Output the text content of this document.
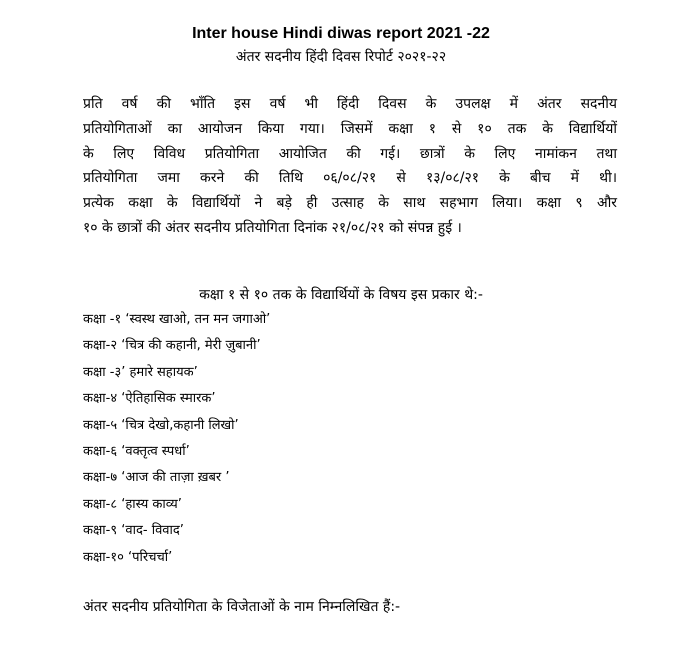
Inter house Hindi diwas report 2021 -22
अंतर सदनीय हिंदी दिवस रिपोर्ट २०२१-२२
प्रति वर्ष की भाँति इस वर्ष भी हिंदी दिवस के उपलक्ष में अंतर सदनीय
प्रतियोगिताओं का आयोजन किया गया। जिसमें कक्षा १ से १० तक के विद्यार्थियों
के लिए विविध प्रतियोगिता आयोजित की गई। छात्रों के लिए नामांकन तथा
प्रतियोगिता जमा करने की तिथि ०६/०८/२१ से १३/०८/२१ के बीच में थी।
प्रत्येक कक्षा के विद्यार्थियों ने बड़े ही उत्साह के साथ सहभाग लिया। कक्षा ९ और
१० के छात्रों की अंतर सदनीय प्रतियोगिता दिनांक २१/०८/२१ को संपन्न हुई ।
कक्षा १ से १० तक के विद्यार्थियों के विषय इस प्रकार थे:-
कक्षा -१ ‘स्वस्थ खाओ, तन मन जगाओ’
कक्षा-२ ‘चित्र की कहानी, मेरी ज़ुबानी’
कक्षा -३’ हमारे सहायक’
कक्षा-४ ‘ऐतिहासिक स्मारक’
कक्षा-५ ‘चित्र देखो,कहानी लिखो’
कक्षा-६ ‘वक्तृत्व स्पर्धा’
कक्षा-७ ‘आज की ताज़ा ख़बर ’
कक्षा-८ ‘हास्य काव्य’
कक्षा-९ ‘वाद- विवाद’
कक्षा-१० ‘परिचर्चा’
अंतर सदनीय प्रतियोगिता के विजेताओं के नाम निम्नलिखित हैं:-
